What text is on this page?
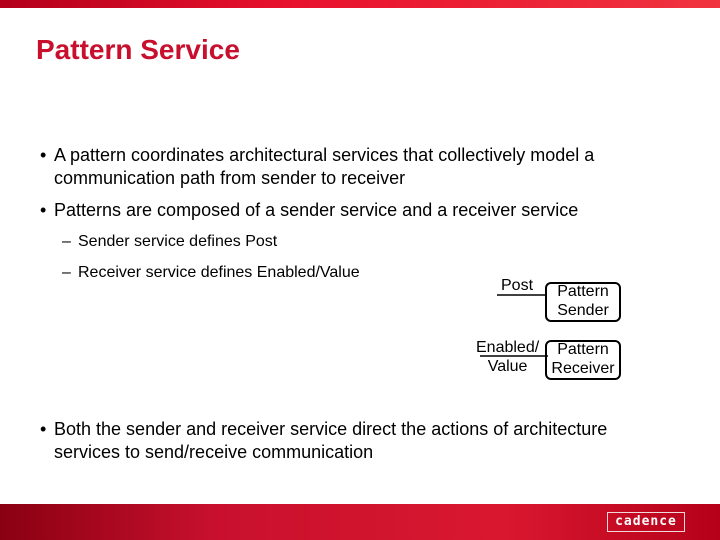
Pattern Service
• A pattern coordinates architectural services that collectively model a
communication path from sender to receiver
• Patterns are composed of a sender service and a receiver service
– Sender service defines Post
– Receiver service defines Enabled/Value
Post	Pattern
Sender
Enabled/
Value
Pattern
Receiver
• Both the sender and receiver service direct the actions of architecture
services to send/receive communication
cadence
